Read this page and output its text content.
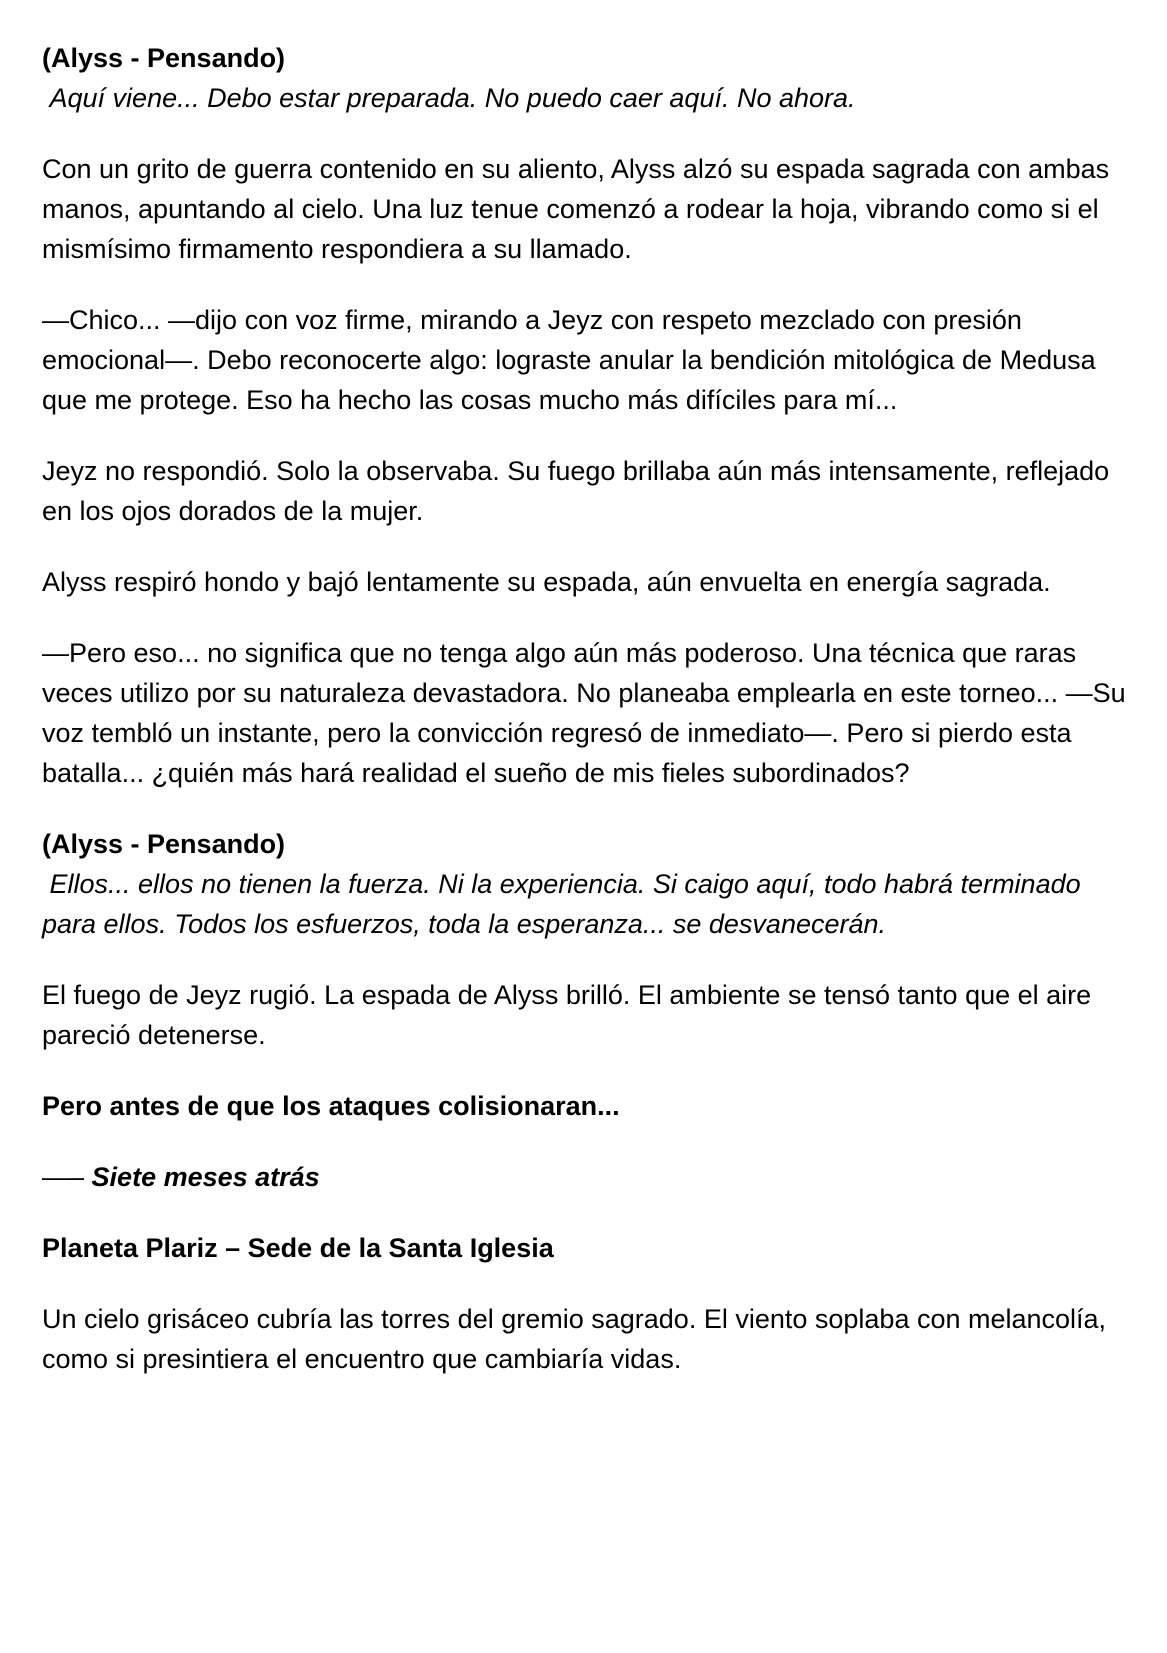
(Alyss - Pensando)

Aquí viene... Debo estar preparada. No puedo caer aquí. No ahora.

Con un grito de guerra contenido en su aliento, Alyss alzó su espada sagrada con ambas manos, apuntando al cielo. Una luz tenue comenzó a rodear la hoja, vibrando como si el mismísimo firmamento respondiera a su llamado.

—Chico... —dijo con voz firme, mirando a Jeyz con respeto mezclado con presión emocional—. Debo reconocerte algo: lograste anular la bendición mitológica de Medusa que me protege. Eso ha hecho las cosas mucho más difíciles para mí...

Jeyz no respondió. Solo la observaba. Su fuego brillaba aún más intensamente, reflejado en los ojos dorados de la mujer.

Alyss respiró hondo y bajó lentamente su espada, aún envuelta en energía sagrada.

—Pero eso... no significa que no tenga algo aún más poderoso. Una técnica que raras veces utilizo por su naturaleza devastadora. No planeaba emplearla en este torneo... —Su voz tembló un instante, pero la convicción regresó de inmediato—. Pero si pierdo esta batalla... ¿quién más hará realidad el sueño de mis fieles subordinados?

(Alyss - Pensando)

Ellos... ellos no tienen la fuerza. Ni la experiencia. Si caigo aquí, todo habrá terminado para ellos. Todos los esfuerzos, toda la esperanza... se desvanecerán.

El fuego de Jeyz rugió. La espada de Alyss brilló. El ambiente se tensó tanto que el aire pareció detenerse.

Pero antes de que los ataques colisionaran...

—– Siete meses atrás

Planeta Plariz – Sede de la Santa Iglesia

Un cielo grisáceo cubría las torres del gremio sagrado. El viento soplaba con melancolía, como si presintiera el encuentro que cambiaría vidas.
